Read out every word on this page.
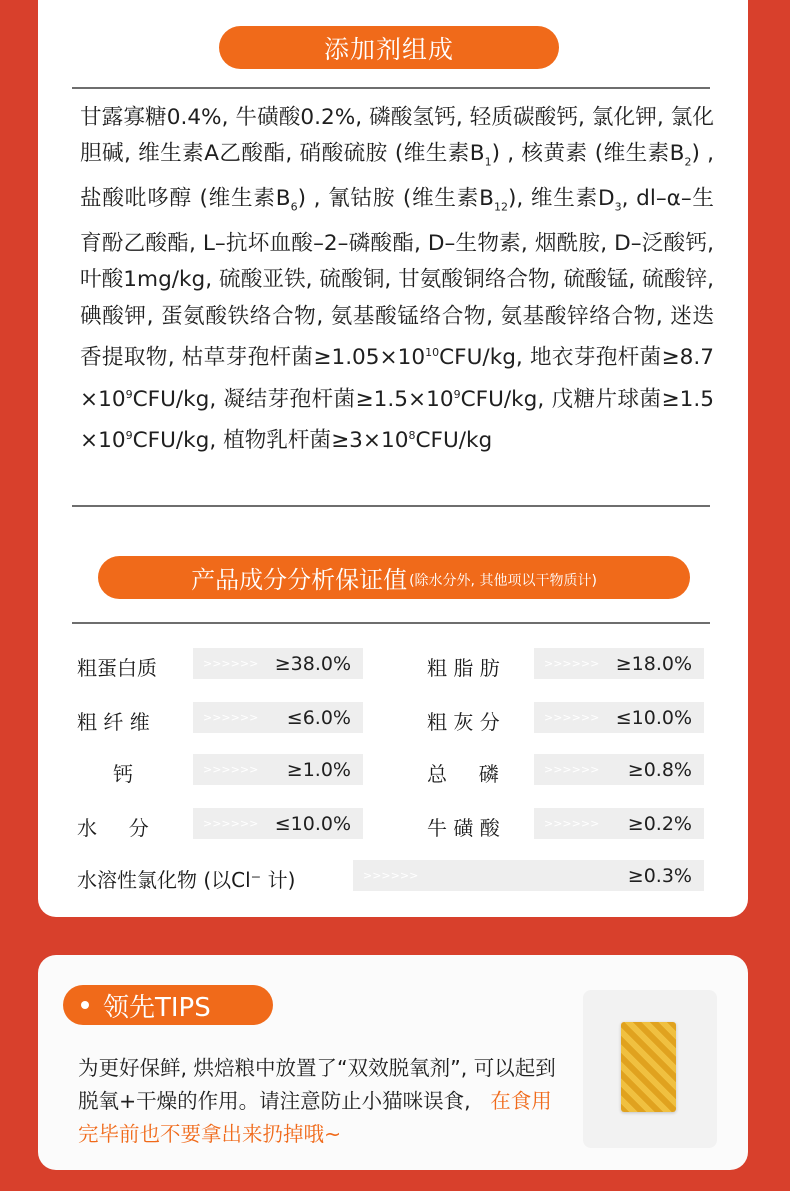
添加剂组成
甘露寡糖0.4%, 牛磺酸0.2%, 磷酸氢钙, 轻质碳酸钙, 氯化钾, 氯化胆碱, 维生素A乙酸酯, 硝酸硫胺 (维生素$B_1$) , 核黄素 (维生素$B_2$) , 盐酸吡哆醇 (维生素$B_6$) , 氰钴胺 (维生素$B_{12}$), 维生素$D_3$, dl–α–生育酚乙酸酯, L–抗坏血酸–2–磷酸酯, D–生物素, 烟酰胺, D–泛酸钙, 叶酸1mg/kg, 硫酸亚铁, 硫酸铜, 甘氨酸铜络合物, 硫酸锰, 硫酸锌, 碘酸钾, 蛋氨酸铁络合物, 氨基酸锰络合物, 氨基酸锌络合物, 迷迭香提取物, 枯草芽孢杆菌$\ge 1.05\times 10^{10}CFU/kg$, 地衣芽孢杆菌$\ge 8.7\times 10^9CFU/kg$, 凝结芽孢杆菌$\ge 1.5\times 10^9CFU/kg$, 戊糖片球菌$\ge 1.5\times 10^9CFU/kg$, 植物乳杆菌$\ge 3\times 10^8CFU/kg$
产品成分分析保证值 (除水分外, 其他项以干物质计)
粗蛋白质	>>>>>> ≥38.0%	粗 脂 肪	>>>>>> ≥18.0%
粗 纤 维	>>>>>> ≤6.0%	粗 灰 分	>>>>>> ≤10.0%
钙	>>>>>> ≥1.0%	总     磷	>>>>>> ≥0.8%
水     分	>>>>>> ≤10.0%	牛 磺 酸	>>>>>> ≥0.2%
水溶性氯化物 (以Cl⁻ 计)	>>>>>>	≥0.3%
领先TIPS
为更好保鲜, 烘焙粮中放置了“双效脱氧剂”, 可以起到脱氧+干燥的作用。请注意防止小猫咪误食, 在食用完毕前也不要拿出来扔掉哦~
